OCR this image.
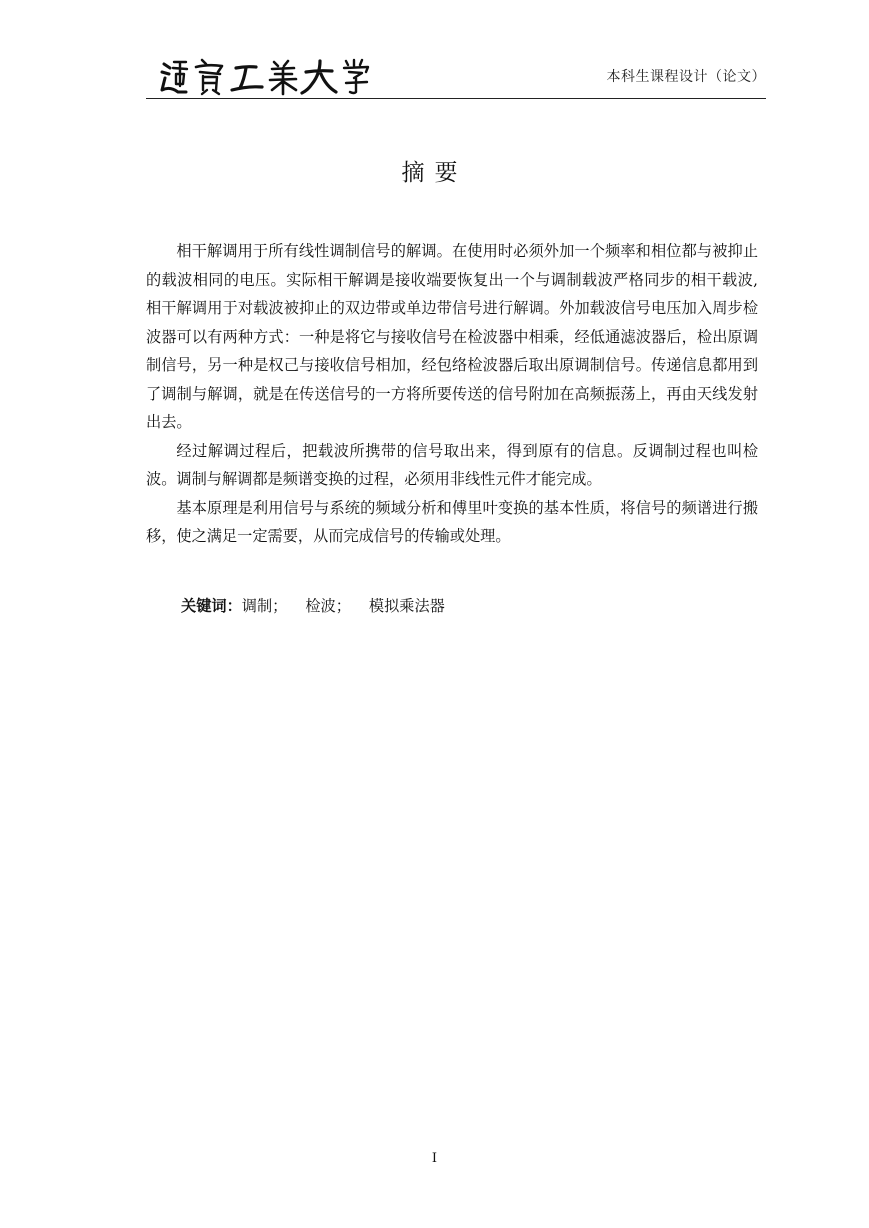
本科生课程设计（论文）
摘要

相干解调用于所有线性调制信号的解调。在使用时必须外加一个频率和相位都与被抑止的载波相同的电压。实际相干解调是接收端要恢复出一个与调制载波严格同步的相干载波,相干解调用于对载波被抑止的双边带或单边带信号进行解调。外加载波信号电压加入周步检波器可以有两种方式：一种是将它与接收信号在检波器中相乘，经低通滤波器后，检出原调制信号，另一种是权己与接收信号相加，经包络检波器后取出原调制信号。传递信息都用到了调制与解调，就是在传送信号的一方将所要传送的信号附加在高频振荡上，再由天线发射出去。

经过解调过程后，把载波所携带的信号取出来，得到原有的信息。反调制过程也叫检波。调制与解调都是频谱变换的过程，必须用非线性元件才能完成。

基本原理是利用信号与系统的频域分析和傅里叶变换的基本性质，将信号的频谱进行搬移，使之满足一定需要，从而完成信号的传输或处理。

关键词：调制； 检波； 模拟乘法器
I
